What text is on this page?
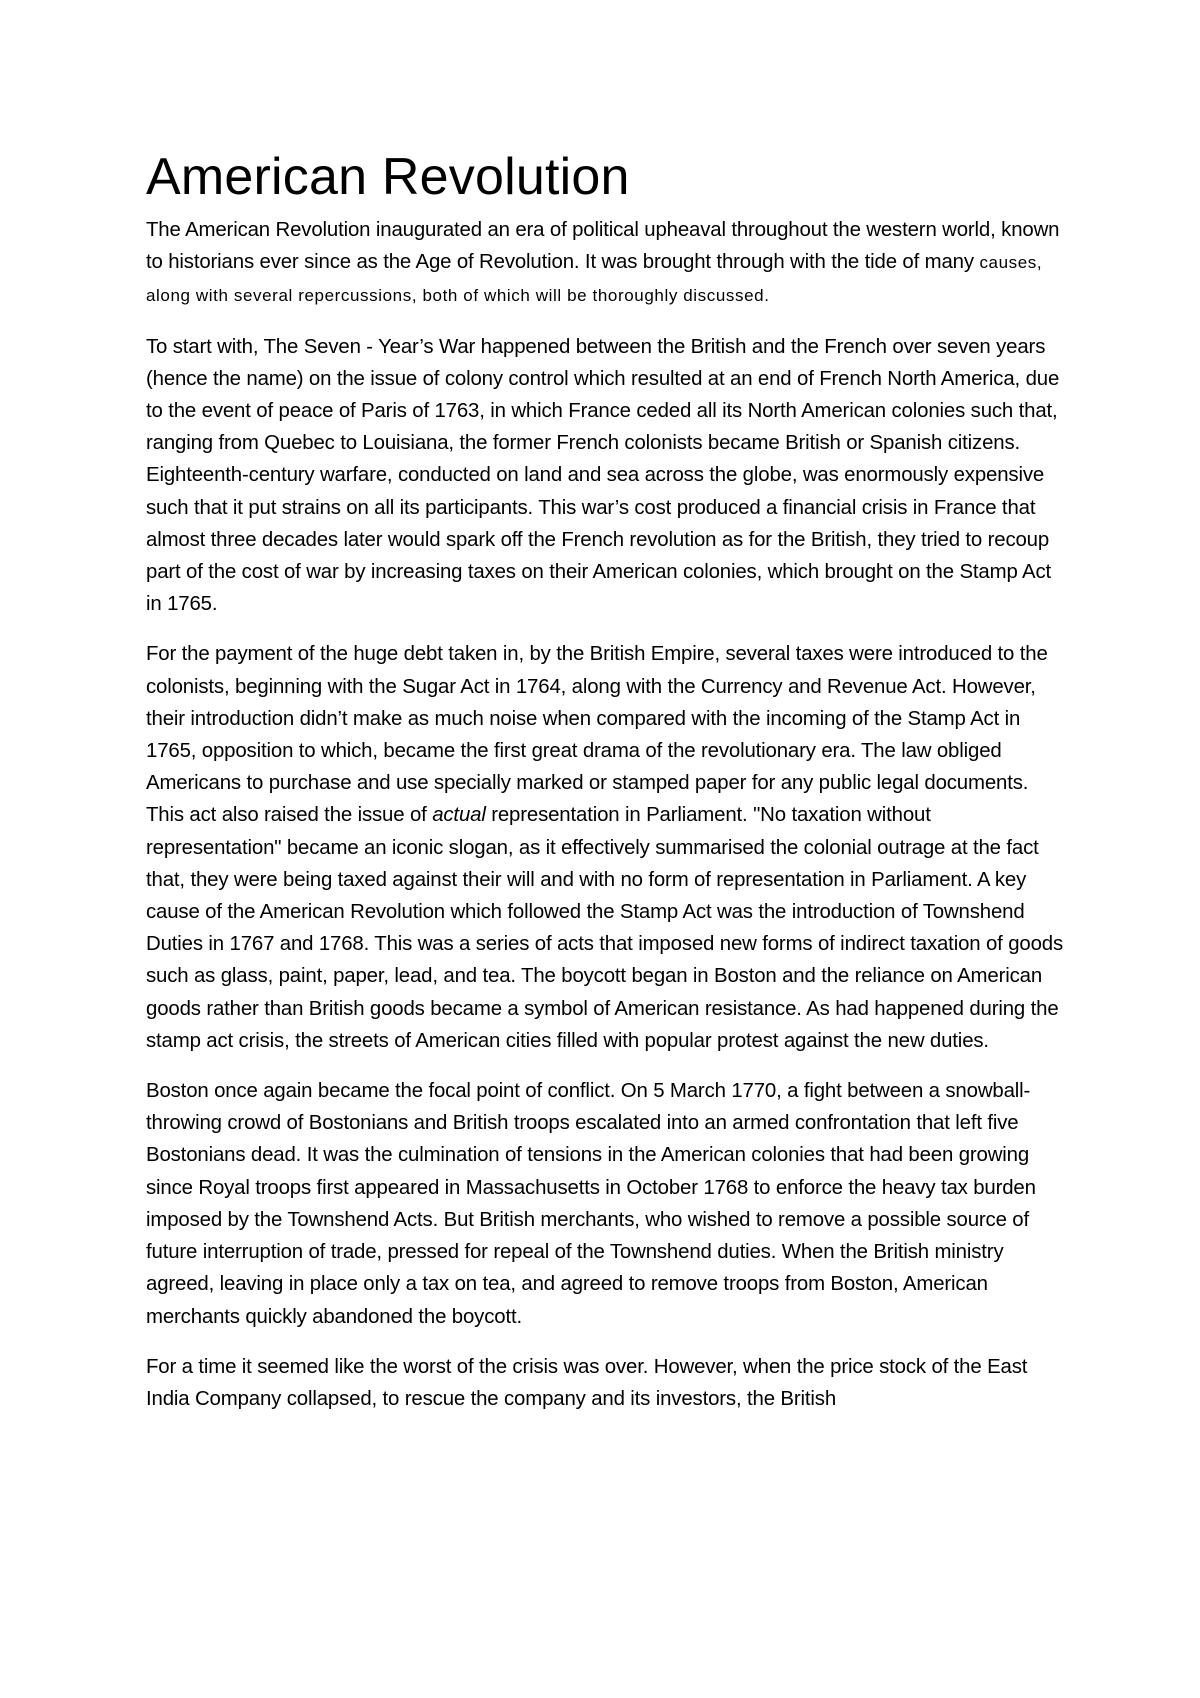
American Revolution

The American Revolution inaugurated an era of political upheaval throughout the western world, known to historians ever since as the Age of Revolution. It was brought through with the tide of many causes, along with several repercussions, both of which will be thoroughly discussed.

To start with, The Seven - Year’s War happened between the British and the French over seven years (hence the name) on the issue of colony control which resulted at an end of French North America, due to the event of peace of Paris of 1763, in which France ceded all its North American colonies such that, ranging from Quebec to Louisiana, the former French colonists became British or Spanish citizens. Eighteenth-century warfare, conducted on land and sea across the globe, was enormously expensive such that it put strains on all its participants. This war’s cost produced a financial crisis in France that almost three decades later would spark off the French revolution as for the British, they tried to recoup part of the cost of war by increasing taxes on their American colonies, which brought on the Stamp Act in 1765.

For the payment of the huge debt taken in, by the British Empire, several taxes were introduced to the colonists, beginning with the Sugar Act in 1764, along with the Currency and Revenue Act. However, their introduction didn’t make as much noise when compared with the incoming of the Stamp Act in 1765, opposition to which, became the first great drama of the revolutionary era. The law obliged Americans to purchase and use specially marked or stamped paper for any public legal documents. This act also raised the issue of actual representation in Parliament. "No taxation without representation" became an iconic slogan, as it effectively summarised the colonial outrage at the fact that, they were being taxed against their will and with no form of representation in Parliament. A key cause of the American Revolution which followed the Stamp Act was the introduction of Townshend Duties in 1767 and 1768. This was a series of acts that imposed new forms of indirect taxation of goods such as glass, paint, paper, lead, and tea. The boycott began in Boston and the reliance on American goods rather than British goods became a symbol of American resistance. As had happened during the stamp act crisis, the streets of American cities filled with popular protest against the new duties.

Boston once again became the focal point of conflict. On 5 March 1770, a fight between a snowball-throwing crowd of Bostonians and British troops escalated into an armed confrontation that left five Bostonians dead. It was the culmination of tensions in the American colonies that had been growing since Royal troops first appeared in Massachusetts in October 1768 to enforce the heavy tax burden imposed by the Townshend Acts. But British merchants, who wished to remove a possible source of future interruption of trade, pressed for repeal of the Townshend duties. When the British ministry agreed, leaving in place only a tax on tea, and agreed to remove troops from Boston, American merchants quickly abandoned the boycott.

For a time it seemed like the worst of the crisis was over. However, when the price stock of the East India Company collapsed, to rescue the company and its investors, the British
